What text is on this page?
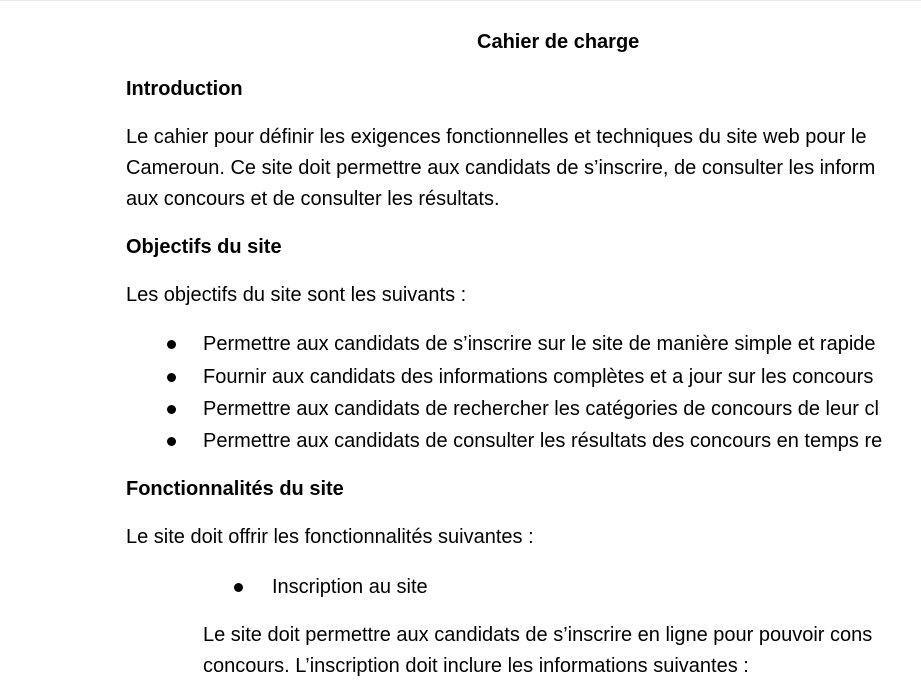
Cahier de charge
Introduction
Le cahier pour définir les exigences fonctionnelles et techniques du site web pour le
Cameroun. Ce site doit permettre aux candidats de s’inscrire, de consulter les inform
aux concours et de consulter les résultats.
Objectifs du site
Les objectifs du site sont les suivants :
Permettre aux candidats de s’inscrire sur le site de manière simple et rapide
Fournir aux candidats des informations complètes et a jour sur les concours
Permettre aux candidats de rechercher les catégories de concours de leur cl
Permettre aux candidats de consulter les résultats des concours en temps re
Fonctionnalités du site
Le site doit offrir les fonctionnalités suivantes :
Inscription au site
Le site doit permettre aux candidats de s’inscrire en ligne pour pouvoir cons
concours. L’inscription doit inclure les informations suivantes :
